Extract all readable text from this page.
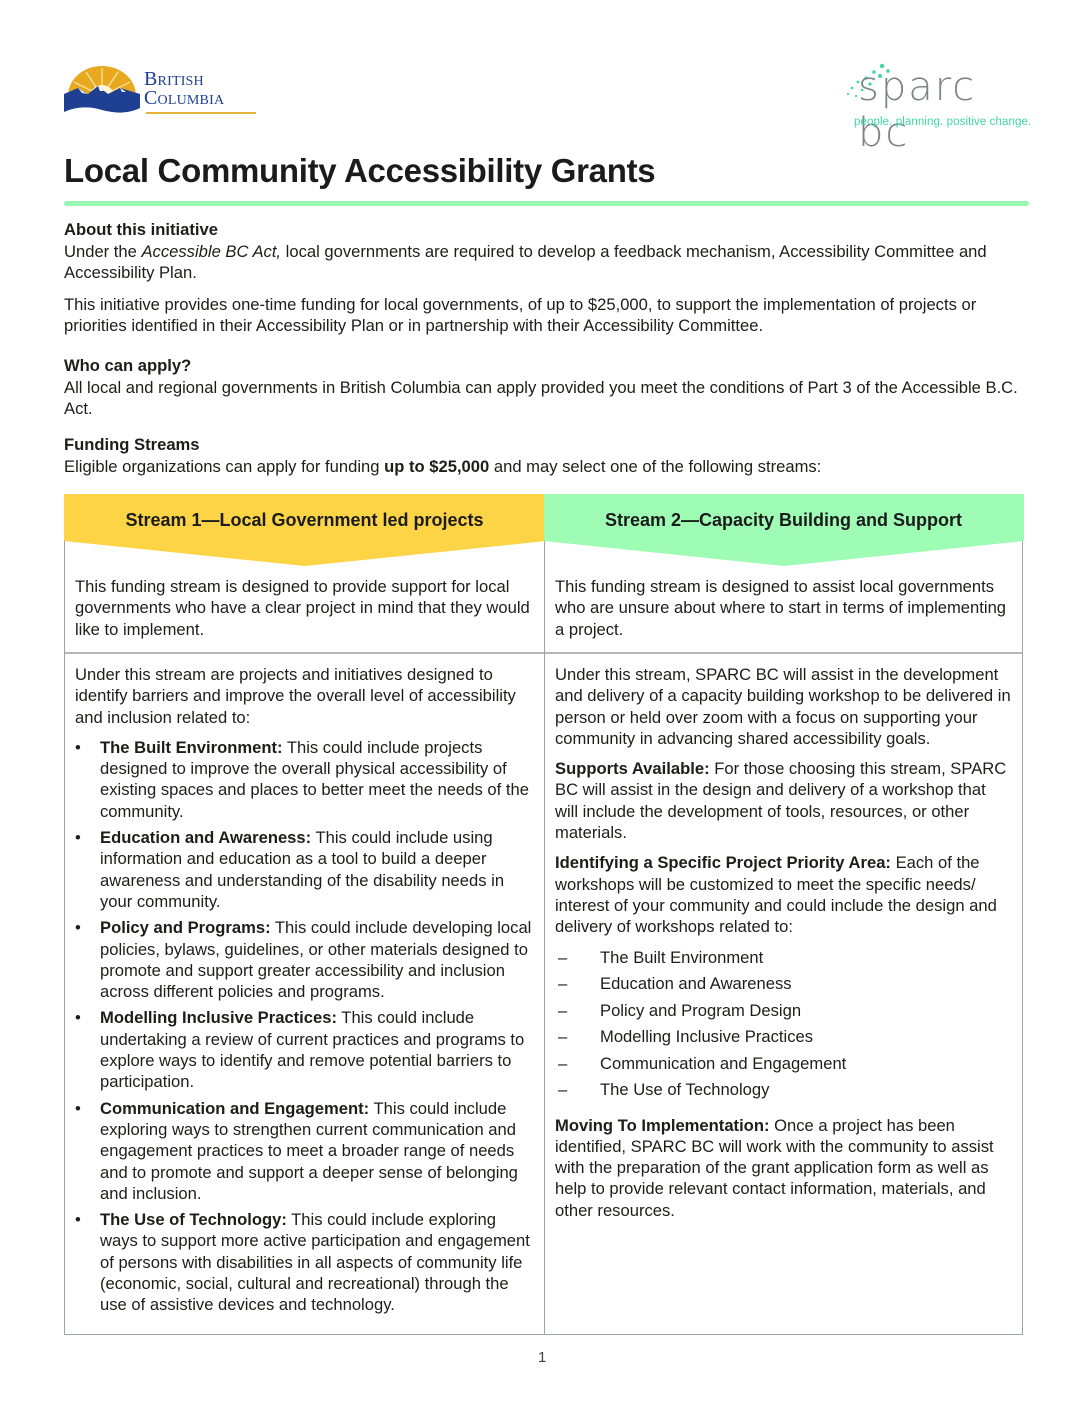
British
Columbia	sparc bc
people. planning. positive change.
Local Community Accessibility Grants
About this initiative

Under the Accessible BC Act, local governments are required to develop a feedback mechanism, Accessibility Committee and Accessibility Plan.

This initiative provides one-time funding for local governments, of up to $25,000, to support the implementation of projects or priorities identified in their Accessibility Plan or in partnership with their Accessibility Committee.

Who can apply?

All local and regional governments in British Columbia can apply provided you meet the conditions of Part 3 of the Accessible B.C. Act.

Funding Streams

Eligible organizations can apply for funding up to $25,000 and may select one of the following streams:

Stream 1—Local Government led projects
This funding stream is designed to provide support for local governments who have a clear project in mind that they would like to implement.

Under this stream are projects and initiatives designed to identify barriers and improve the overall level of accessibility and inclusion related to:

• The Built Environment: This could include projects designed to improve the overall physical accessibility of existing spaces and places to better meet the needs of the community.
• Education and Awareness: This could include using information and education as a tool to build a deeper awareness and understanding of the disability needs in your community.
• Policy and Programs: This could include developing local policies, bylaws, guidelines, or other materials designed to promote and support greater accessibility and inclusion across different policies and programs.
• Modelling Inclusive Practices: This could include undertaking a review of current practices and programs to explore ways to identify and remove potential barriers to participation.
• Communication and Engagement: This could include exploring ways to strengthen current communication and engagement practices to meet a broader range of needs and to promote and support a deeper sense of belonging and inclusion.
• The Use of Technology: This could include exploring ways to support more active participation and engagement of persons with disabilities in all aspects of community life (economic, social, cultural and recreational) through the use of assistive devices and technology.
Stream 2—Capacity Building and Support
This funding stream is designed to assist local governments who are unsure about where to start in terms of implementing a project.

Under this stream, SPARC BC will assist in the development and delivery of a capacity building workshop to be delivered in person or held over zoom with a focus on supporting your community in advancing shared accessibility goals.

Supports Available: For those choosing this stream, SPARC BC will assist in the design and delivery of a workshop that will include the development of tools, resources, or other materials.

Identifying a Specific Project Priority Area: Each of the workshops will be customized to meet the specific needs/ interest of your community and could include the design and delivery of workshops related to:

– The Built Environment
– Education and Awareness
– Policy and Program Design
– Modelling Inclusive Practices
– Communication and Engagement
– The Use of Technology

Moving To Implementation: Once a project has been identified, SPARC BC will work with the community to assist with the preparation of the grant application form as well as help to provide relevant contact information, materials, and other resources.

1
